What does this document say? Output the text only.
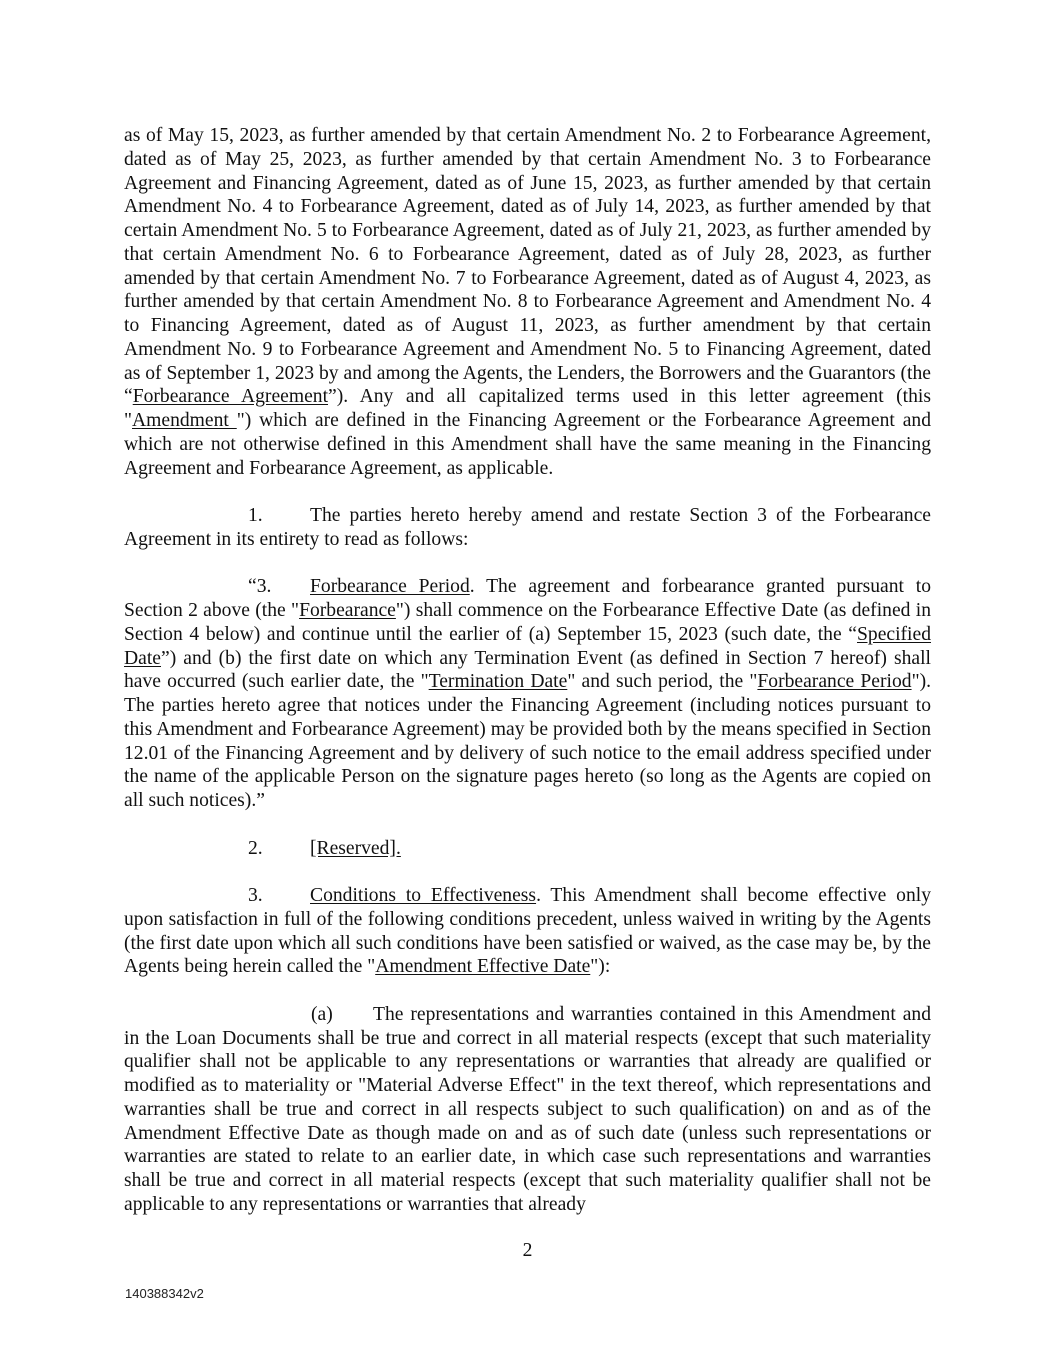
as of May 15, 2023, as further amended by that certain Amendment No. 2 to Forbearance Agreement, dated as of May 25, 2023, as further amended by that certain Amendment No. 3 to Forbearance Agreement and Financing Agreement, dated as of June 15, 2023, as further amended by that certain Amendment No. 4 to Forbearance Agreement, dated as of July 14, 2023, as further amended by that certain Amendment No. 5 to Forbearance Agreement, dated as of July 21, 2023, as further amended by that certain Amendment No. 6 to Forbearance Agreement, dated as of July 28, 2023, as further amended by that certain Amendment No. 7 to Forbearance Agreement, dated as of August 4, 2023, as further amended by that certain Amendment No. 8 to Forbearance Agreement and Amendment No. 4 to Financing Agreement, dated as of August 11, 2023, as further amendment by that certain Amendment No. 9 to Forbearance Agreement and Amendment No. 5 to Financing Agreement, dated as of September 1, 2023 by and among the Agents, the Lenders, the Borrowers and the Guarantors (the “Forbearance Agreement”). Any and all capitalized terms used in this letter agreement (this "Amendment ") which are defined in the Financing Agreement or the Forbearance Agreement and which are not otherwise defined in this Amendment shall have the same meaning in the Financing Agreement and Forbearance Agreement, as applicable.

1. The parties hereto hereby amend and restate Section 3 of the Forbearance Agreement in its entirety to read as follows:

“3. Forbearance Period. The agreement and forbearance granted pursuant to Section 2 above (the "Forbearance") shall commence on the Forbearance Effective Date (as defined in Section 4 below) and continue until the earlier of (a) September 15, 2023 (such date, the “Specified Date”) and (b) the first date on which any Termination Event (as defined in Section 7 hereof) shall have occurred (such earlier date, the "Termination Date" and such period, the "Forbearance Period"). The parties hereto agree that notices under the Financing Agreement (including notices pursuant to this Amendment and Forbearance Agreement) may be provided both by the means specified in Section 12.01 of the Financing Agreement and by delivery of such notice to the email address specified under the name of the applicable Person on the signature pages hereto (so long as the Agents are copied on all such notices).”

2. [Reserved].

3. Conditions to Effectiveness. This Amendment shall become effective only upon satisfaction in full of the following conditions precedent, unless waived in writing by the Agents (the first date upon which all such conditions have been satisfied or waived, as the case may be, by the Agents being herein called the "Amendment Effective Date"):

(a) The representations and warranties contained in this Amendment and in the Loan Documents shall be true and correct in all material respects (except that such materiality qualifier shall not be applicable to any representations or warranties that already are qualified or modified as to materiality or "Material Adverse Effect" in the text thereof, which representations and warranties shall be true and correct in all respects subject to such qualification) on and as of the Amendment Effective Date as though made on and as of such date (unless such representations or warranties are stated to relate to an earlier date, in which case such representations and warranties shall be true and correct in all material respects (except that such materiality qualifier shall not be applicable to any representations or warranties that already

2
140388342v2
